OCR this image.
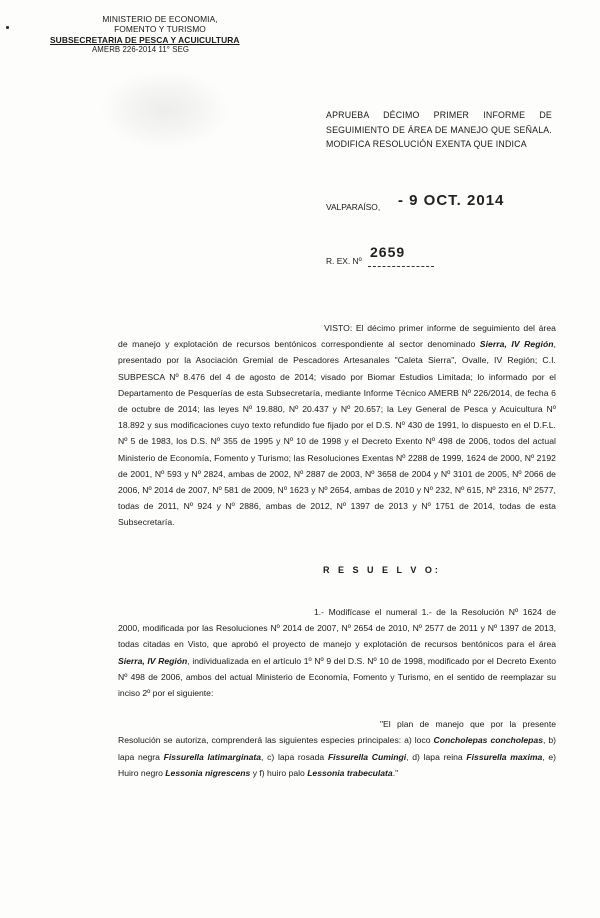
MINISTERIO DE ECONOMIA,
FOMENTO Y TURISMO
SUBSECRETARIA DE PESCA Y ACUICULTURA
AMERB 226-2014 11° SEG
APRUEBA DÉCIMO PRIMER INFORME DE
SEGUIMIENTO DE ÁREA DE MANEJO QUE SEÑALA.
MODIFICA RESOLUCIÓN EXENTA QUE INDICA
VALPARAÍSO, - 9 OCT. 2014
R. EX. Nº
2659
VISTO: El décimo primer informe de seguimiento del área de manejo y explotación de recursos bentónicos correspondiente al sector denominado Sierra, IV Región, presentado por la Asociación Gremial de Pescadores Artesanales "Caleta Sierra", Ovalle, IV Región; C.I. SUBPESCA Nº 8.476 del 4 de agosto de 2014; visado por Biomar Estudios Limitada; lo informado por el Departamento de Pesquerías de esta Subsecretaría, mediante Informe Técnico AMERB Nº 226/2014, de fecha 6 de octubre de 2014; las leyes Nº 19.880, Nº 20.437 y Nº 20.657; la Ley General de Pesca y Acuicultura Nº 18.892 y sus modificaciones cuyo texto refundido fue fijado por el D.S. Nº 430 de 1991, lo dispuesto en el D.F.L. Nº 5 de 1983, los D.S. Nº 355 de 1995 y Nº 10 de 1998 y el Decreto Exento Nº 498 de 2006, todos del actual Ministerio de Economía, Fomento y Turismo; las Resoluciones Exentas Nº 2288 de 1999, 1624 de 2000, Nº 2192 de 2001, Nº 593 y Nº 2824, ambas de 2002, Nº 2887 de 2003, Nº 3658 de 2004 y Nº 3101 de 2005, Nº 2066 de 2006, Nº 2014 de 2007, Nº 581 de 2009, Nº 1623 y Nº 2654, ambas de 2010 y Nº 232, Nº 615, Nº 2316, Nº 2577, todas de 2011, Nº 924 y Nº 2886, ambas de 2012, Nº 1397 de 2013 y Nº 1751 de 2014, todas de esta Subsecretaría.
R E S U E L V O:
1.- Modifícase el numeral 1.- de la Resolución Nº 1624 de 2000, modificada por las Resoluciones Nº 2014 de 2007, Nº 2654 de 2010, Nº 2577 de 2011 y Nº 1397 de 2013, todas citadas en Visto, que aprobó el proyecto de manejo y explotación de recursos bentónicos para el área Sierra, IV Región, individualizada en el artículo 1º Nº 9 del D.S. Nº 10 de 1998, modificado por el Decreto Exento Nº 498 de 2006, ambos del actual Ministerio de Economía, Fomento y Turismo, en el sentido de reemplazar su inciso 2º por el siguiente:
"El plan de manejo que por la presente Resolución se autoriza, comprenderá las siguientes especies principales: a) loco Concholepas concholepas, b) lapa negra Fissurella latimarginata, c) lapa rosada Fissurella Cumingi, d) lapa reina Fissurella maxima, e) Huiro negro Lessonia nigrescens y f) huiro palo Lessonia trabeculata."
